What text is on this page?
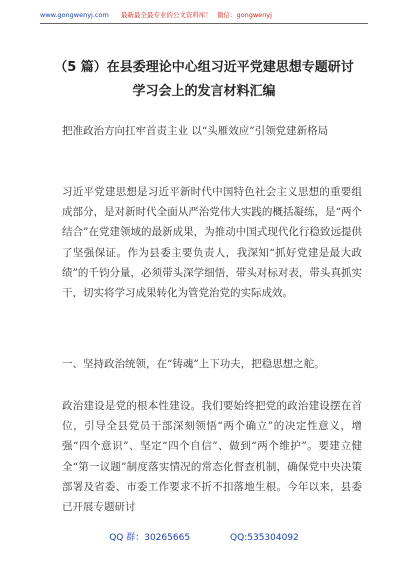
www.gongwenyj.com 最新最全最专业的公文资料库！ 微信：gongwenyj
（5 篇）在县委理论中心组习近平党建思想专题研讨
学习会上的发言材料汇编
把准政治方向扛牢首责主业 以“头雁效应”引领党建新格局
习近平党建思想是习近平新时代中国特色社会主义思想的重要组成部分，是对新时代全面从严治党伟大实践的概括凝练，是“两个结合”在党建领域的最新成果，为推动中国式现代化行稳致远提供了坚强保证。作为县委主要负责人，我深知“抓好党建是最大政绩”的千钧分量，必须带头深学细悟，带头对标对表，带头真抓实干，切实将学习成果转化为管党治党的实际成效。
一、坚持政治统领，在“铸魂”上下功夫，把稳思想之舵。
政治建设是党的根本性建设。我们要始终把党的政治建设摆在首位，引导全县党员干部深刻领悟“两个确立”的决定性意义，增强“四个意识”、坚定“四个自信”、做到“两个维护”。要建立健全“第一议题”制度落实情况的常态化督查机制，确保党中央决策部署及省委、市委工作要求不折不扣落地生根。今年以来，县委已开展专题研讨
QQ 群：30265665	QQ:535304092
